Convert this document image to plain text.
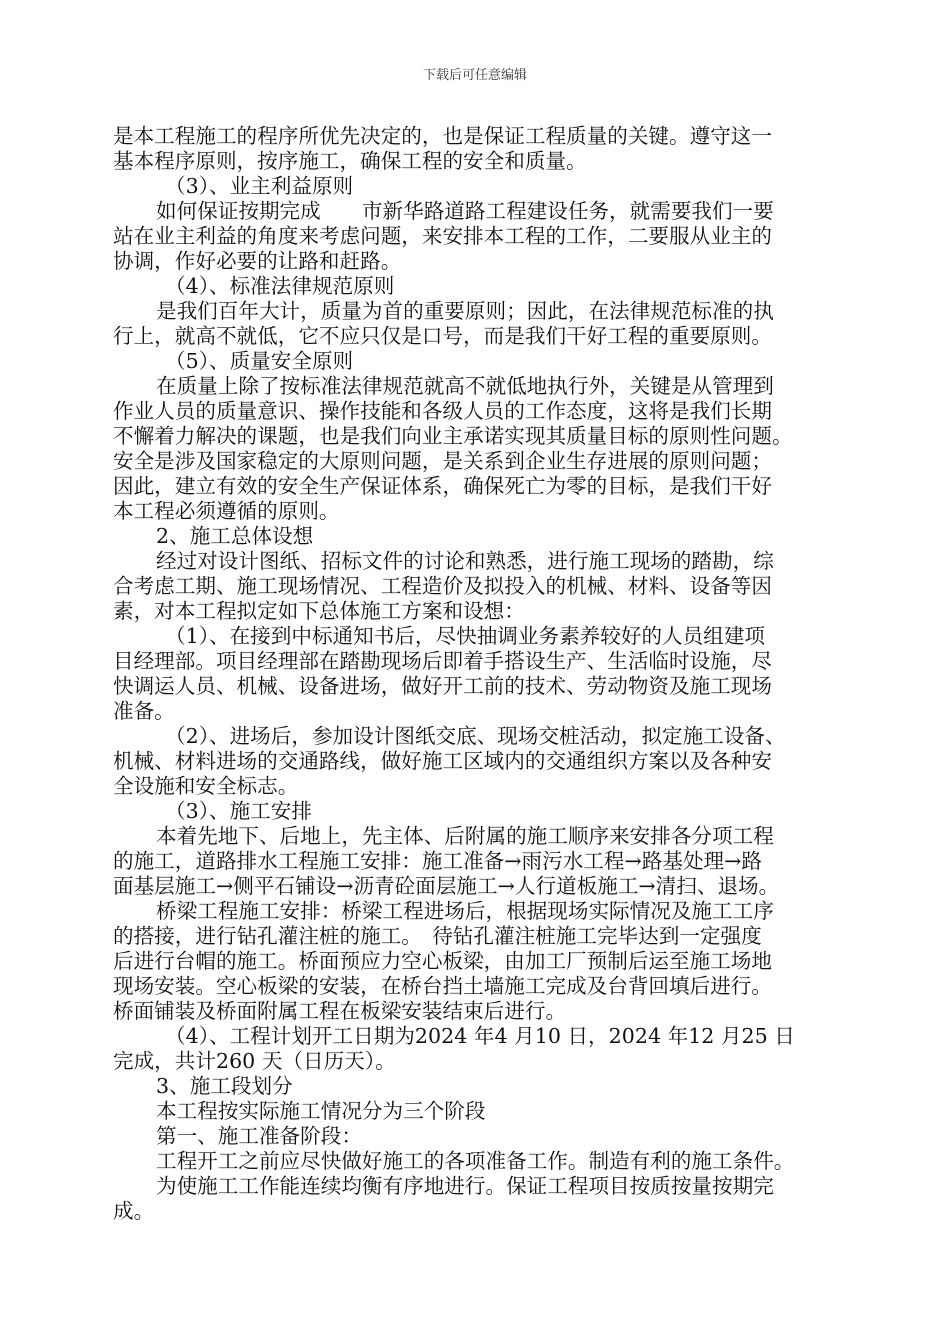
下载后可任意编辑
是本工程施工的程序所优先决定的，也是保证工程质量的关键。遵守这一
基本程序原则，按序施工，确保工程的安全和质量。
（3）、业主利益原则
如何保证按期完成　　市新华路道路工程建设任务，就需要我们一要
站在业主利益的角度来考虑问题，来安排本工程的工作，二要服从业主的
协调，作好必要的让路和赶路。
（4）、标准法律规范原则
是我们百年大计，质量为首的重要原则；因此，在法律规范标准的执
行上，就高不就低，它不应只仅是口号，而是我们干好工程的重要原则。
（5）、质量安全原则
在质量上除了按标准法律规范就高不就低地执行外，关键是从管理到
作业人员的质量意识、操作技能和各级人员的工作态度，这将是我们长期
不懈着力解决的课题，也是我们向业主承诺实现其质量目标的原则性问题。
安全是涉及国家稳定的大原则问题，是关系到企业生存进展的原则问题；
因此，建立有效的安全生产保证体系，确保死亡为零的目标，是我们干好
本工程必须遵循的原则。
2、施工总体设想
经过对设计图纸、招标文件的讨论和熟悉，进行施工现场的踏勘，综
合考虑工期、施工现场情况、工程造价及拟投入的机械、材料、设备等因
素，对本工程拟定如下总体施工方案和设想：
（1）、在接到中标通知书后，尽快抽调业务素养较好的人员组建项
目经理部。项目经理部在踏勘现场后即着手搭设生产、生活临时设施，尽
快调运人员、机械、设备进场，做好开工前的技术、劳动物资及施工现场
准备。
（2）、进场后，参加设计图纸交底、现场交桩活动，拟定施工设备、
机械、材料进场的交通路线，做好施工区域内的交通组织方案以及各种安
全设施和安全标志。
（3）、施工安排
本着先地下、后地上，先主体、后附属的施工顺序来安排各分项工程
的施工，道路排水工程施工安排：施工准备→雨污水工程→路基处理→路
面基层施工→侧平石铺设→沥青砼面层施工→人行道板施工→清扫、退场。
桥梁工程施工安排：桥梁工程进场后，根据现场实际情况及施工工序
的搭接，进行钻孔灌注桩的施工。　待钻孔灌注桩施工完毕达到一定强度
后进行台帽的施工。桥面预应力空心板梁，由加工厂预制后运至施工场地
现场安装。空心板梁的安装，在桥台挡土墙施工完成及台背回填后进行。
桥面铺装及桥面附属工程在板梁安装结束后进行。
（4）、工程计划开工日期为2024 年4 月10 日，2024 年12 月25 日
完成，共计260 天（日历天）。
3、施工段划分
本工程按实际施工情况分为三个阶段
第一、施工准备阶段：
工程开工之前应尽快做好施工的各项准备工作。制造有利的施工条件。
为使施工工作能连续均衡有序地进行。保证工程项目按质按量按期完
成。
